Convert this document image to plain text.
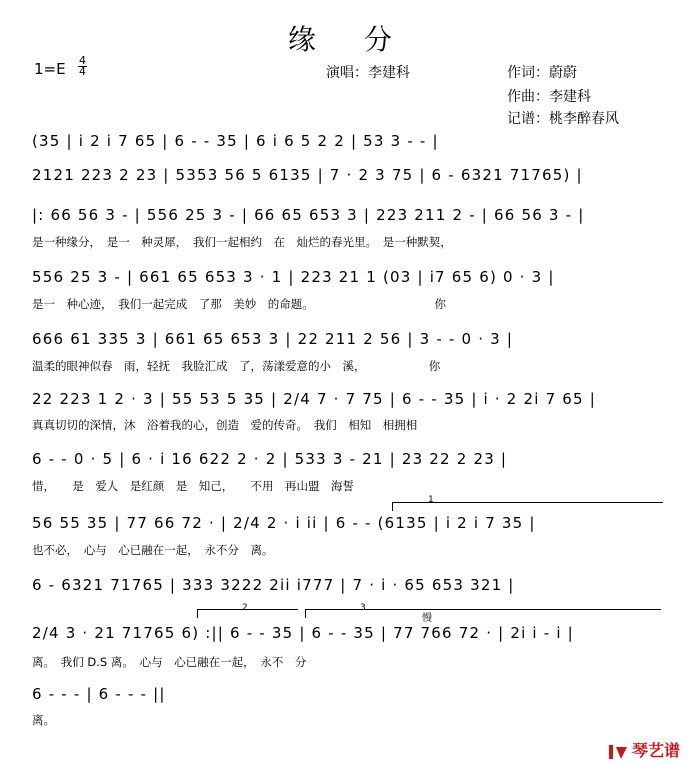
缘　分
1=E 4
4	演唱：李建科	作词：蔚蔚
作曲：李建科
记谱：桃李醉春风
(35 | i 2 i 7 65 | 6 - - 35 | 6 i 6 5 2 2 | 53 3 - - |
2121 223 2 23 | 5353 56 5 6135 | 7 · 2 3 75 | 6 - 6321 71765) |
|: 66 56 3 - | 556 25 3 - | 66 65 653 3 | 223 211 2 - | 66 56 3 - |
是一种缘分，　是一　种灵犀，　我们一起相约　在　灿烂的春光里。　是一种默契，
556 25 3 - | 661 65 653 3 · 1 | 223 21 1 (03 | i7 65 6) 0 · 3 |
是一　种心迹，　我们一起完成　了那　美妙　的命题。　　　　　　　　　　　你
666 61 335 3 | 661 65 653 3 | 22 211 2 56 | 3 - - 0 · 3 |
温柔的眼神似春　雨，轻抚　我脸汇成　了，荡漾爱意的小　溪，　　　　　　你
22 223 1 2 · 3 | 55 53 5 35 | 2/4 7 · 7 75 | 6 - - 35 | i · 2 2i 7 65 |
真真切切的深情，沐　浴着我的心，创造　爱的传奇。　我们　相知　相拥相
6 - - 0 · 5 | 6 · i 16 622 2 · 2 | 533 3 - 21 | 23 22 2 23 |
惜，　　是　爱人　是红颜　是　知己，　　不用　再山盟　海誓
1
56 55 35 | 77 66 72 · | 2/4 2 · i ii | 6 - - (6135 | i 2 i 7 35 |
也不必，　心与　心已融在一起，　永不分　离。
6 - 6321 71765 | 333 3222 2ii i777 | 7 · i · 65 653 321 |
2	3
慢
2/4 3 · 21 71765 6) :|| 6 - - 35 | 6 - - 35 | 77 766 72 · | 2i i - i |
离。　我们 D.S 离。　心与　心已融在一起，　永不　分
6 - - - | 6 - - - ||
离。
琴艺谱
